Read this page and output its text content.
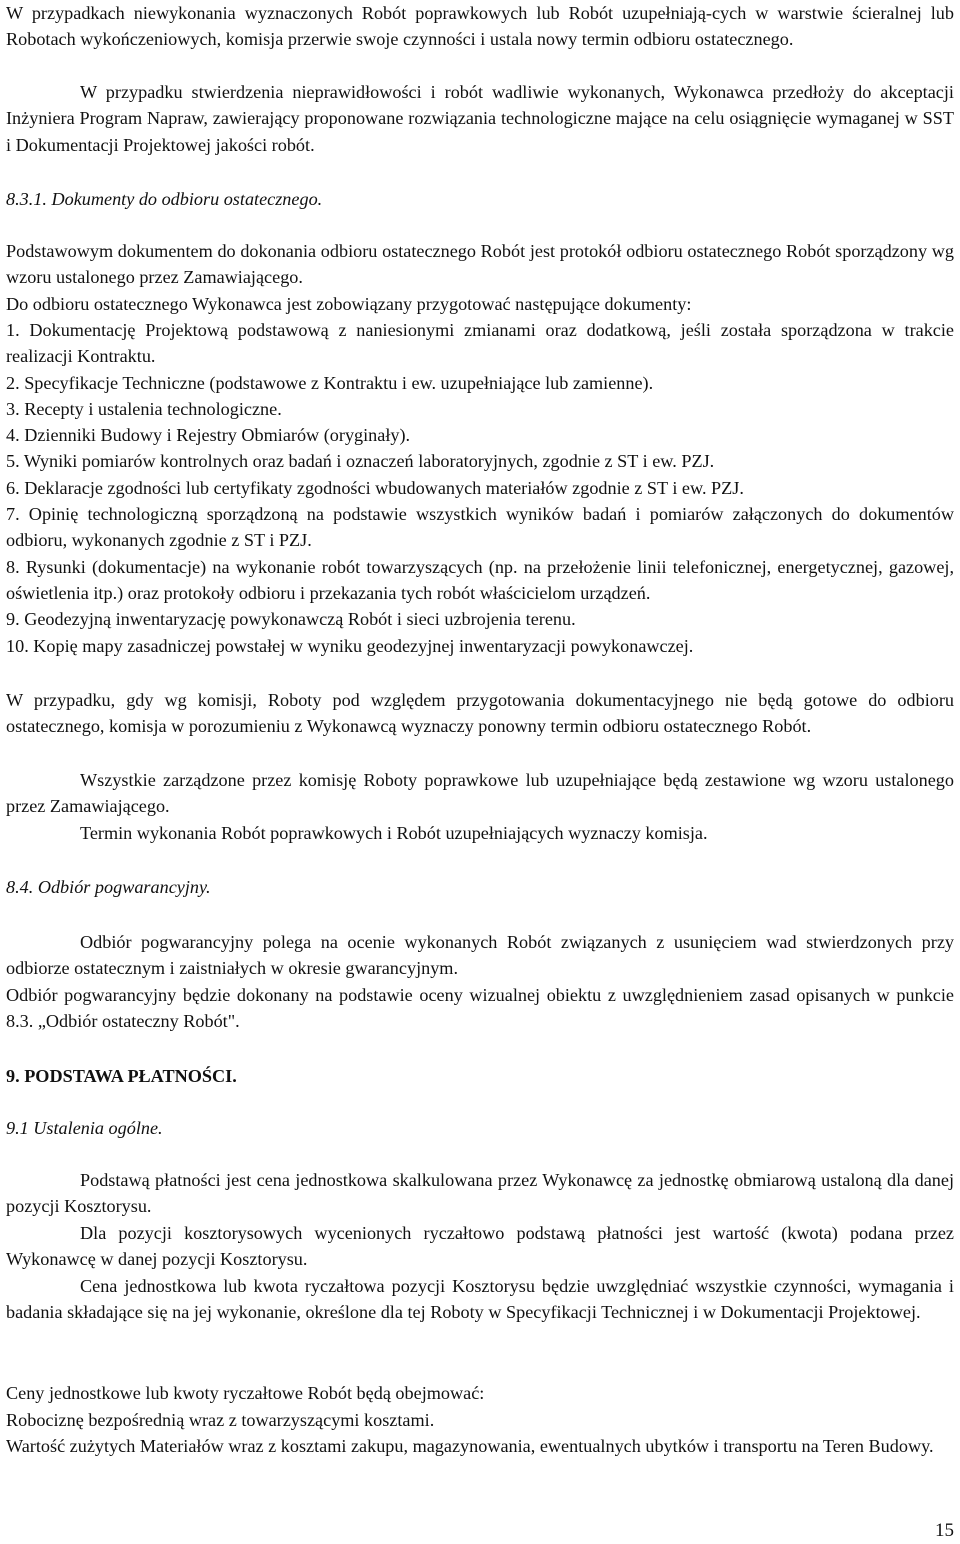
W przypadkach niewykonania wyznaczonych Robót poprawkowych lub Robót uzupełniają-cych w warstwie ścieralnej lub Robotach wykończeniowych, komisja przerwie swoje czynności i ustala nowy termin odbioru ostatecznego.

W przypadku stwierdzenia nieprawidłowości i robót wadliwie wykonanych, Wykonawca przedłoży do akceptacji Inżyniera Program Napraw, zawierający proponowane rozwiązania technologiczne mające na celu osiągnięcie wymaganej w SST i Dokumentacji Projektowej jakości robót.

8.3.1. Dokumenty do odbioru ostatecznego.

Podstawowym dokumentem do dokonania odbioru ostatecznego Robót jest protokół odbioru ostatecznego Robót sporządzony wg wzoru ustalonego przez Zamawiającego.

Do odbioru ostatecznego Wykonawca jest zobowiązany przygotować następujące dokumenty:

1. Dokumentację Projektową podstawową z naniesionymi zmianami oraz dodatkową, jeśli została sporządzona w trakcie realizacji Kontraktu.

2. Specyfikacje Techniczne (podstawowe z Kontraktu i ew. uzupełniające lub zamienne).

3. Recepty i ustalenia technologiczne.

4. Dzienniki Budowy i Rejestry Obmiarów (oryginały).

5. Wyniki pomiarów kontrolnych oraz badań i oznaczeń laboratoryjnych, zgodnie z ST i ew. PZJ.

6. Deklaracje zgodności lub certyfikaty zgodności wbudowanych materiałów zgodnie z ST i ew. PZJ.

7. Opinię technologiczną sporządzoną na podstawie wszystkich wyników badań i pomiarów załączonych do dokumentów odbioru, wykonanych zgodnie z ST i PZJ.

8. Rysunki (dokumentacje) na wykonanie robót towarzyszących (np. na przełożenie linii telefonicznej, energetycznej, gazowej, oświetlenia itp.) oraz protokoły odbioru i przekazania tych robót właścicielom urządzeń.

9. Geodezyjną inwentaryzację powykonawczą Robót i sieci uzbrojenia terenu.

10. Kopię mapy zasadniczej powstałej w wyniku geodezyjnej inwentaryzacji powykonawczej.

W przypadku, gdy wg komisji, Roboty pod względem przygotowania dokumentacyjnego nie będą gotowe do odbioru ostatecznego, komisja w porozumieniu z Wykonawcą wyznaczy ponowny termin odbioru ostatecznego Robót.

Wszystkie zarządzone przez komisję Roboty poprawkowe lub uzupełniające będą zestawione wg wzoru ustalonego przez Zamawiającego.

Termin wykonania Robót poprawkowych i Robót uzupełniających wyznaczy komisja.

8.4. Odbiór pogwarancyjny.

Odbiór pogwarancyjny polega na ocenie wykonanych Robót związanych z usunięciem wad stwierdzonych przy odbiorze ostatecznym i zaistniałych w okresie gwarancyjnym.

Odbiór pogwarancyjny będzie dokonany na podstawie oceny wizualnej obiektu z uwzględnieniem zasad opisanych w punkcie 8.3. „Odbiór ostateczny Robót".

9. PODSTAWA PŁATNOŚCI.

9.1 Ustalenia ogólne.

Podstawą płatności jest cena jednostkowa skalkulowana przez Wykonawcę za jednostkę obmiarową ustaloną dla danej pozycji Kosztorysu.

Dla pozycji kosztorysowych wycenionych ryczałtowo podstawą płatności jest wartość (kwota) podana przez Wykonawcę w danej pozycji Kosztorysu.

Cena jednostkowa lub kwota ryczałtowa pozycji Kosztorysu będzie uwzględniać wszystkie czynności, wymagania i badania składające się na jej wykonanie, określone dla tej Roboty w Specyfikacji Technicznej i w Dokumentacji Projektowej.

Ceny jednostkowe lub kwoty ryczałtowe Robót będą obejmować:

Robociznę bezpośrednią wraz z towarzyszącymi kosztami.

Wartość zużytych Materiałów wraz z kosztami zakupu, magazynowania, ewentualnych ubytków i transportu na Teren Budowy.

15
